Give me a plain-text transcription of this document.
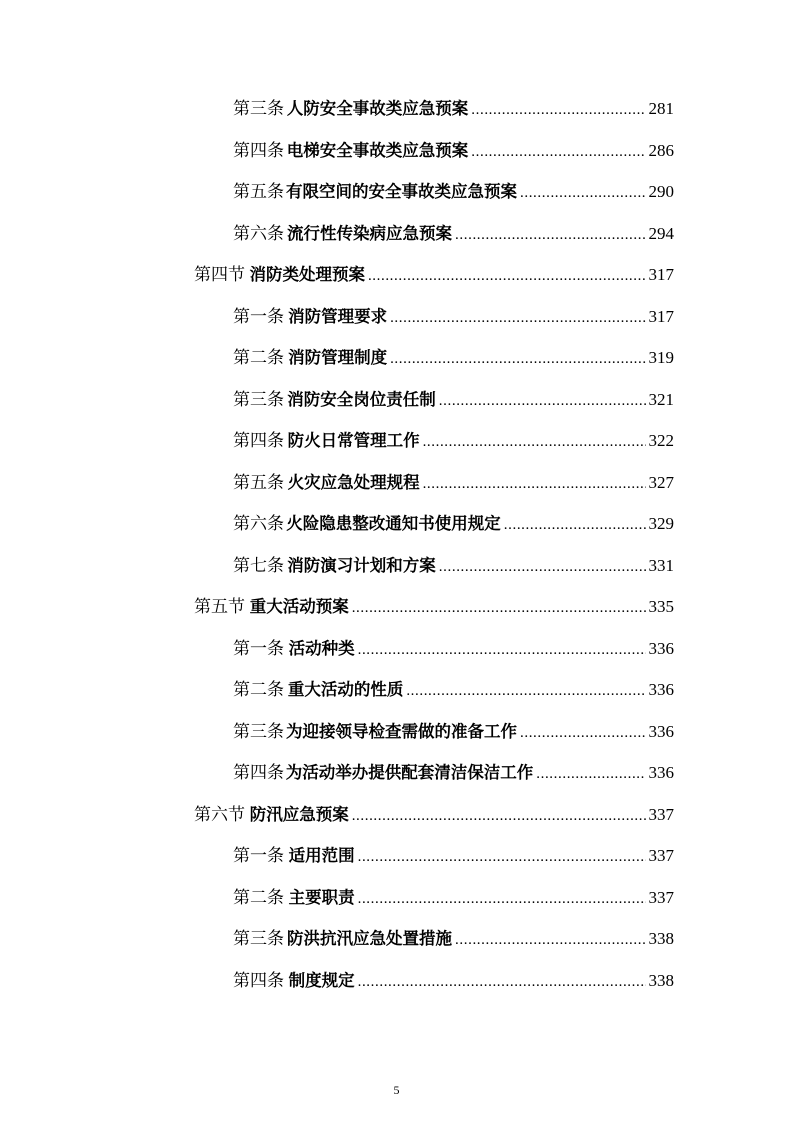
第三条 人防安全事故类应急预案 .....	281
第四条 电梯安全事故类应急预案 .....	286
第五条 有限空间的安全事故类应急预案 .....	290
第六条 流行性传染病应急预案 .....	294
第四节 消防类处理预案 .....	317
第一条 消防管理要求 .....	317
第二条 消防管理制度 .....	319
第三条 消防安全岗位责任制 .....	321
第四条 防火日常管理工作 .....	322
第五条 火灾应急处理规程 .....	327
第六条 火险隐患整改通知书使用规定 .....	329
第七条 消防演习计划和方案 .....	331
第五节 重大活动预案 .....	335
第一条 活动种类 .....	336
第二条 重大活动的性质 .....	336
第三条 为迎接领导检查需做的准备工作 .....	336
第四条 为活动举办提供配套清洁保洁工作 .....	336
第六节 防汛应急预案 .....	337
第一条 适用范围 .....	337
第二条 主要职责 .....	337
第三条 防洪抗汛应急处置措施 .....	338
第四条 制度规定 .....	338
5
